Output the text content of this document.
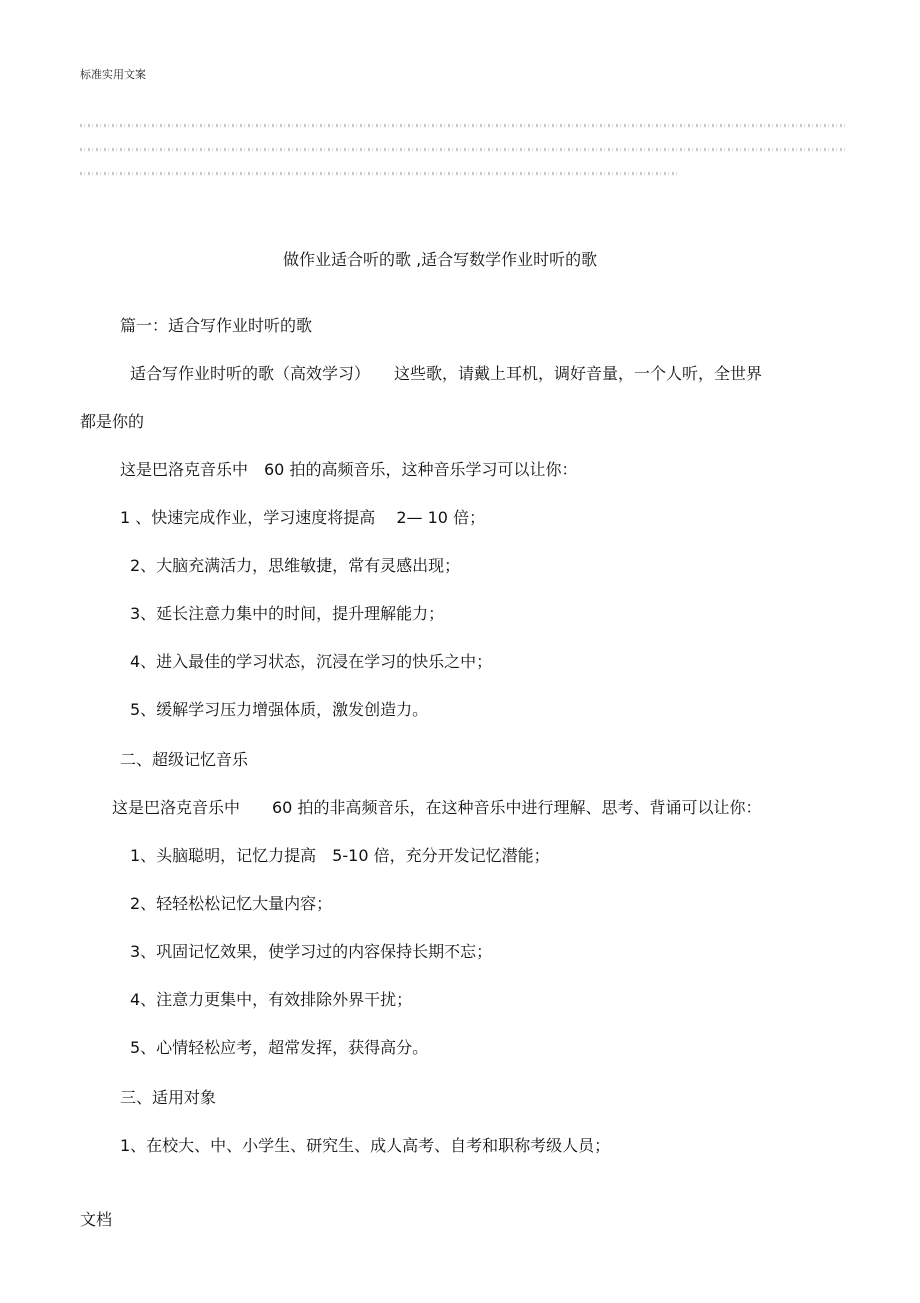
标准实用文案
做作业适合听的歌 ,适合写数学作业时听的歌
篇一：适合写作业时听的歌
适合写作业时听的歌（高效学习）　　这些歌，请戴上耳机，调好音量，一个人听，全世界
都是你的
这是巴洛克音乐中　60 拍的高频音乐，这种音乐学习可以让你：
1 、快速完成作业，学习速度将提高　 2— 10 倍；
2、大脑充满活力，思维敏捷，常有灵感出现；
3、延长注意力集中的时间，提升理解能力；
4、进入最佳的学习状态，沉浸在学习的快乐之中；
5、缓解学习压力增强体质，激发创造力。
二、超级记忆音乐
这是巴洛克音乐中　　60 拍的非高频音乐，在这种音乐中进行理解、思考、背诵可以让你：
1、头脑聪明，记忆力提高　5-10 倍，充分开发记忆潜能；
2、轻轻松松记忆大量内容；
3、巩固记忆效果，使学习过的内容保持长期不忘；
4、注意力更集中，有效排除外界干扰；
5、心情轻松应考，超常发挥，获得高分。
三、适用对象
1、在校大、中、小学生、研究生、成人高考、自考和职称考级人员；
文档
